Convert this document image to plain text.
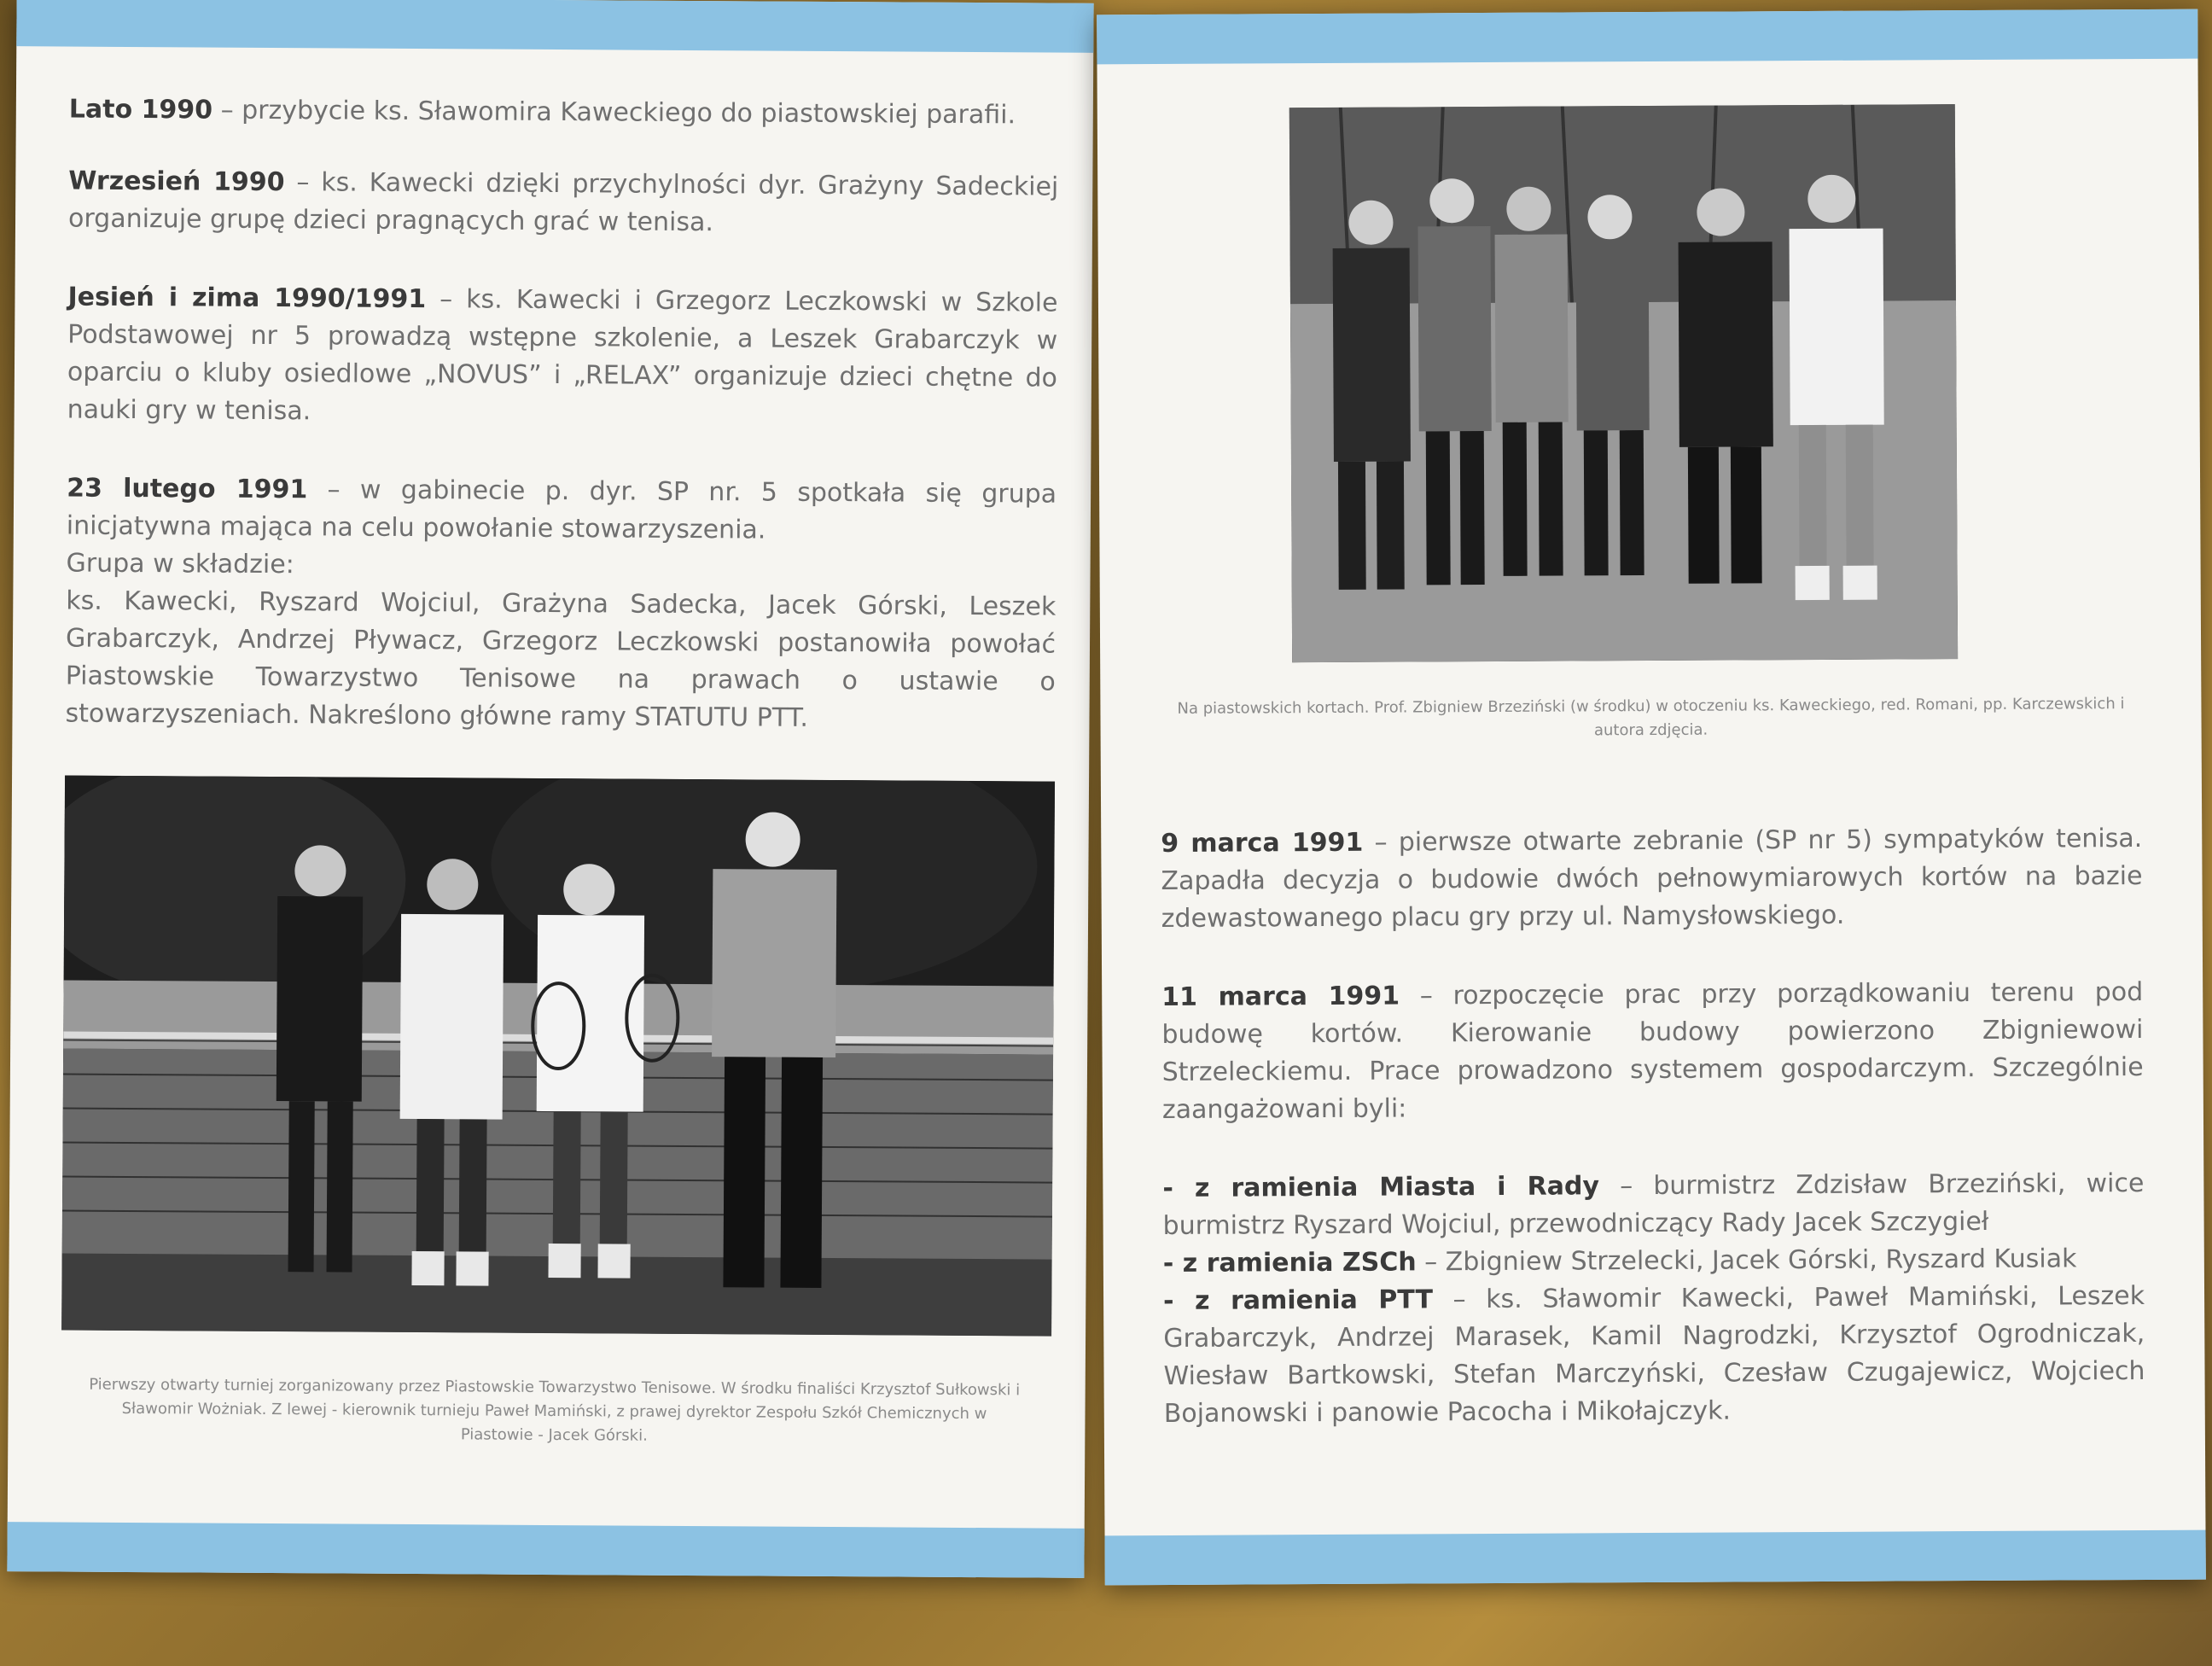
Lato 1990 – przybycie ks. Sławomira Kaweckiego do piastowskiej parafii.

Wrzesień 1990 – ks. Kawecki dzięki przychylności dyr. Grażyny Sadeckiej organizuje grupę dzieci pragnących grać w tenisa.

Jesień i zima 1990/1991 – ks. Kawecki i Grzegorz Leczkowski w Szkole Podstawowej nr 5 prowadzą wstępne szkolenie, a Leszek Grabarczyk w oparciu o kluby osiedlowe „NOVUS” i „RELAX” organizuje dzieci chętne do nauki gry w tenisa.

23 lutego 1991 – w gabinecie p. dyr. SP nr. 5 spotkała się grupa inicjatywna mająca na celu powołanie stowarzyszenia.
Grupa w składzie:
ks. Kawecki, Ryszard Wojciul, Grażyna Sadecka, Jacek Górski, Leszek Grabarczyk, Andrzej Pływacz, Grzegorz Leczkowski postanowiła powołać Piastowskie Towarzystwo Tenisowe na prawach o ustawie o stowarzyszeniach. Nakreślono główne ramy STATUTU PTT.

Pierwszy otwarty turniej zorganizowany przez Piastowskie Towarzystwo Tenisowe. W środku finaliści Krzysztof Sułkowski i Sławomir Wożniak. Z lewej - kierownik turnieju Paweł Mamiński, z prawej dyrektor Zespołu Szkół Chemicznych w Piastowie - Jacek Górski.
Na piastowskich kortach. Prof. Zbigniew Brzeziński (w środku) w otoczeniu ks. Kaweckiego, red. Romani, pp. Karczewskich i autora zdjęcia.

9 marca 1991 – pierwsze otwarte zebranie (SP nr 5) sympatyków tenisa. Zapadła decyzja o budowie dwóch pełnowymiarowych kortów na bazie zdewastowanego placu gry przy ul. Namysłowskiego.

11 marca 1991 – rozpoczęcie prac przy porządkowaniu terenu pod budowę kortów. Kierowanie budowy powierzono Zbigniewowi Strzeleckiemu. Prace prowadzono systemem gospodarczym. Szczególnie zaangażowani byli:

- z ramienia Miasta i Rady – burmistrz Zdzisław Brzeziński, wice burmistrz Ryszard Wojciul, przewodniczący Rady Jacek Szczygieł

- z ramienia ZSCh – Zbigniew Strzelecki, Jacek Górski, Ryszard Kusiak

- z ramienia PTT – ks. Sławomir Kawecki, Paweł Mamiński, Leszek Grabarczyk, Andrzej Marasek, Kamil Nagrodzki, Krzysztof Ogrodniczak, Wiesław Bartkowski, Stefan Marczyński, Czesław Czugajewicz, Wojciech Bojanowski i panowie Pacocha i Mikołajczyk.
